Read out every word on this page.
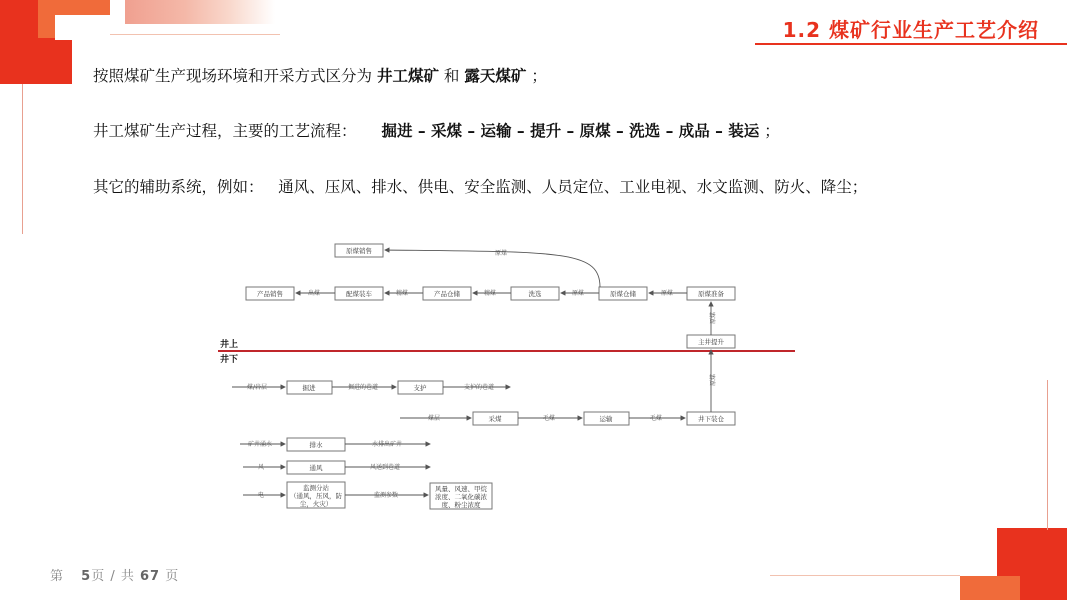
1.2 煤矿行业生产工艺介绍
按照煤矿生产现场环境和开采方式区分为 井工煤矿 和 露天煤矿 ；
井工煤矿生产过程，主要的工艺流程： 掘进 – 采煤 – 运输 – 提升 – 原煤 – 洗选 – 成品 – 装运 ；
其它的辅助系统，例如：   通风、压风、排水、供电、安全监测、人员定位、工业电视、水文监测、防火、降尘；
井上
井下
原煤销售
产品销售	配煤装车	产品仓储	洗选	原煤仓储	原煤准备
主井提升
原煤
原煤
原煤
精煤
精煤
出煤
原煤
掘进	支护
采煤	运输	井下装仓
排水
通风
监测分站
（通风，压风，防
尘，火灾）
风量、风速、甲烷
浓度、二氧化碳浓
度、粉尘浓度
煤/岩层	掘进的巷道	支护的巷道
煤层	毛煤	毛煤
原煤
矿井涌水	水排出矿井
风	风送到巷道
电	监测参数
第 5页 / 共 67 页
